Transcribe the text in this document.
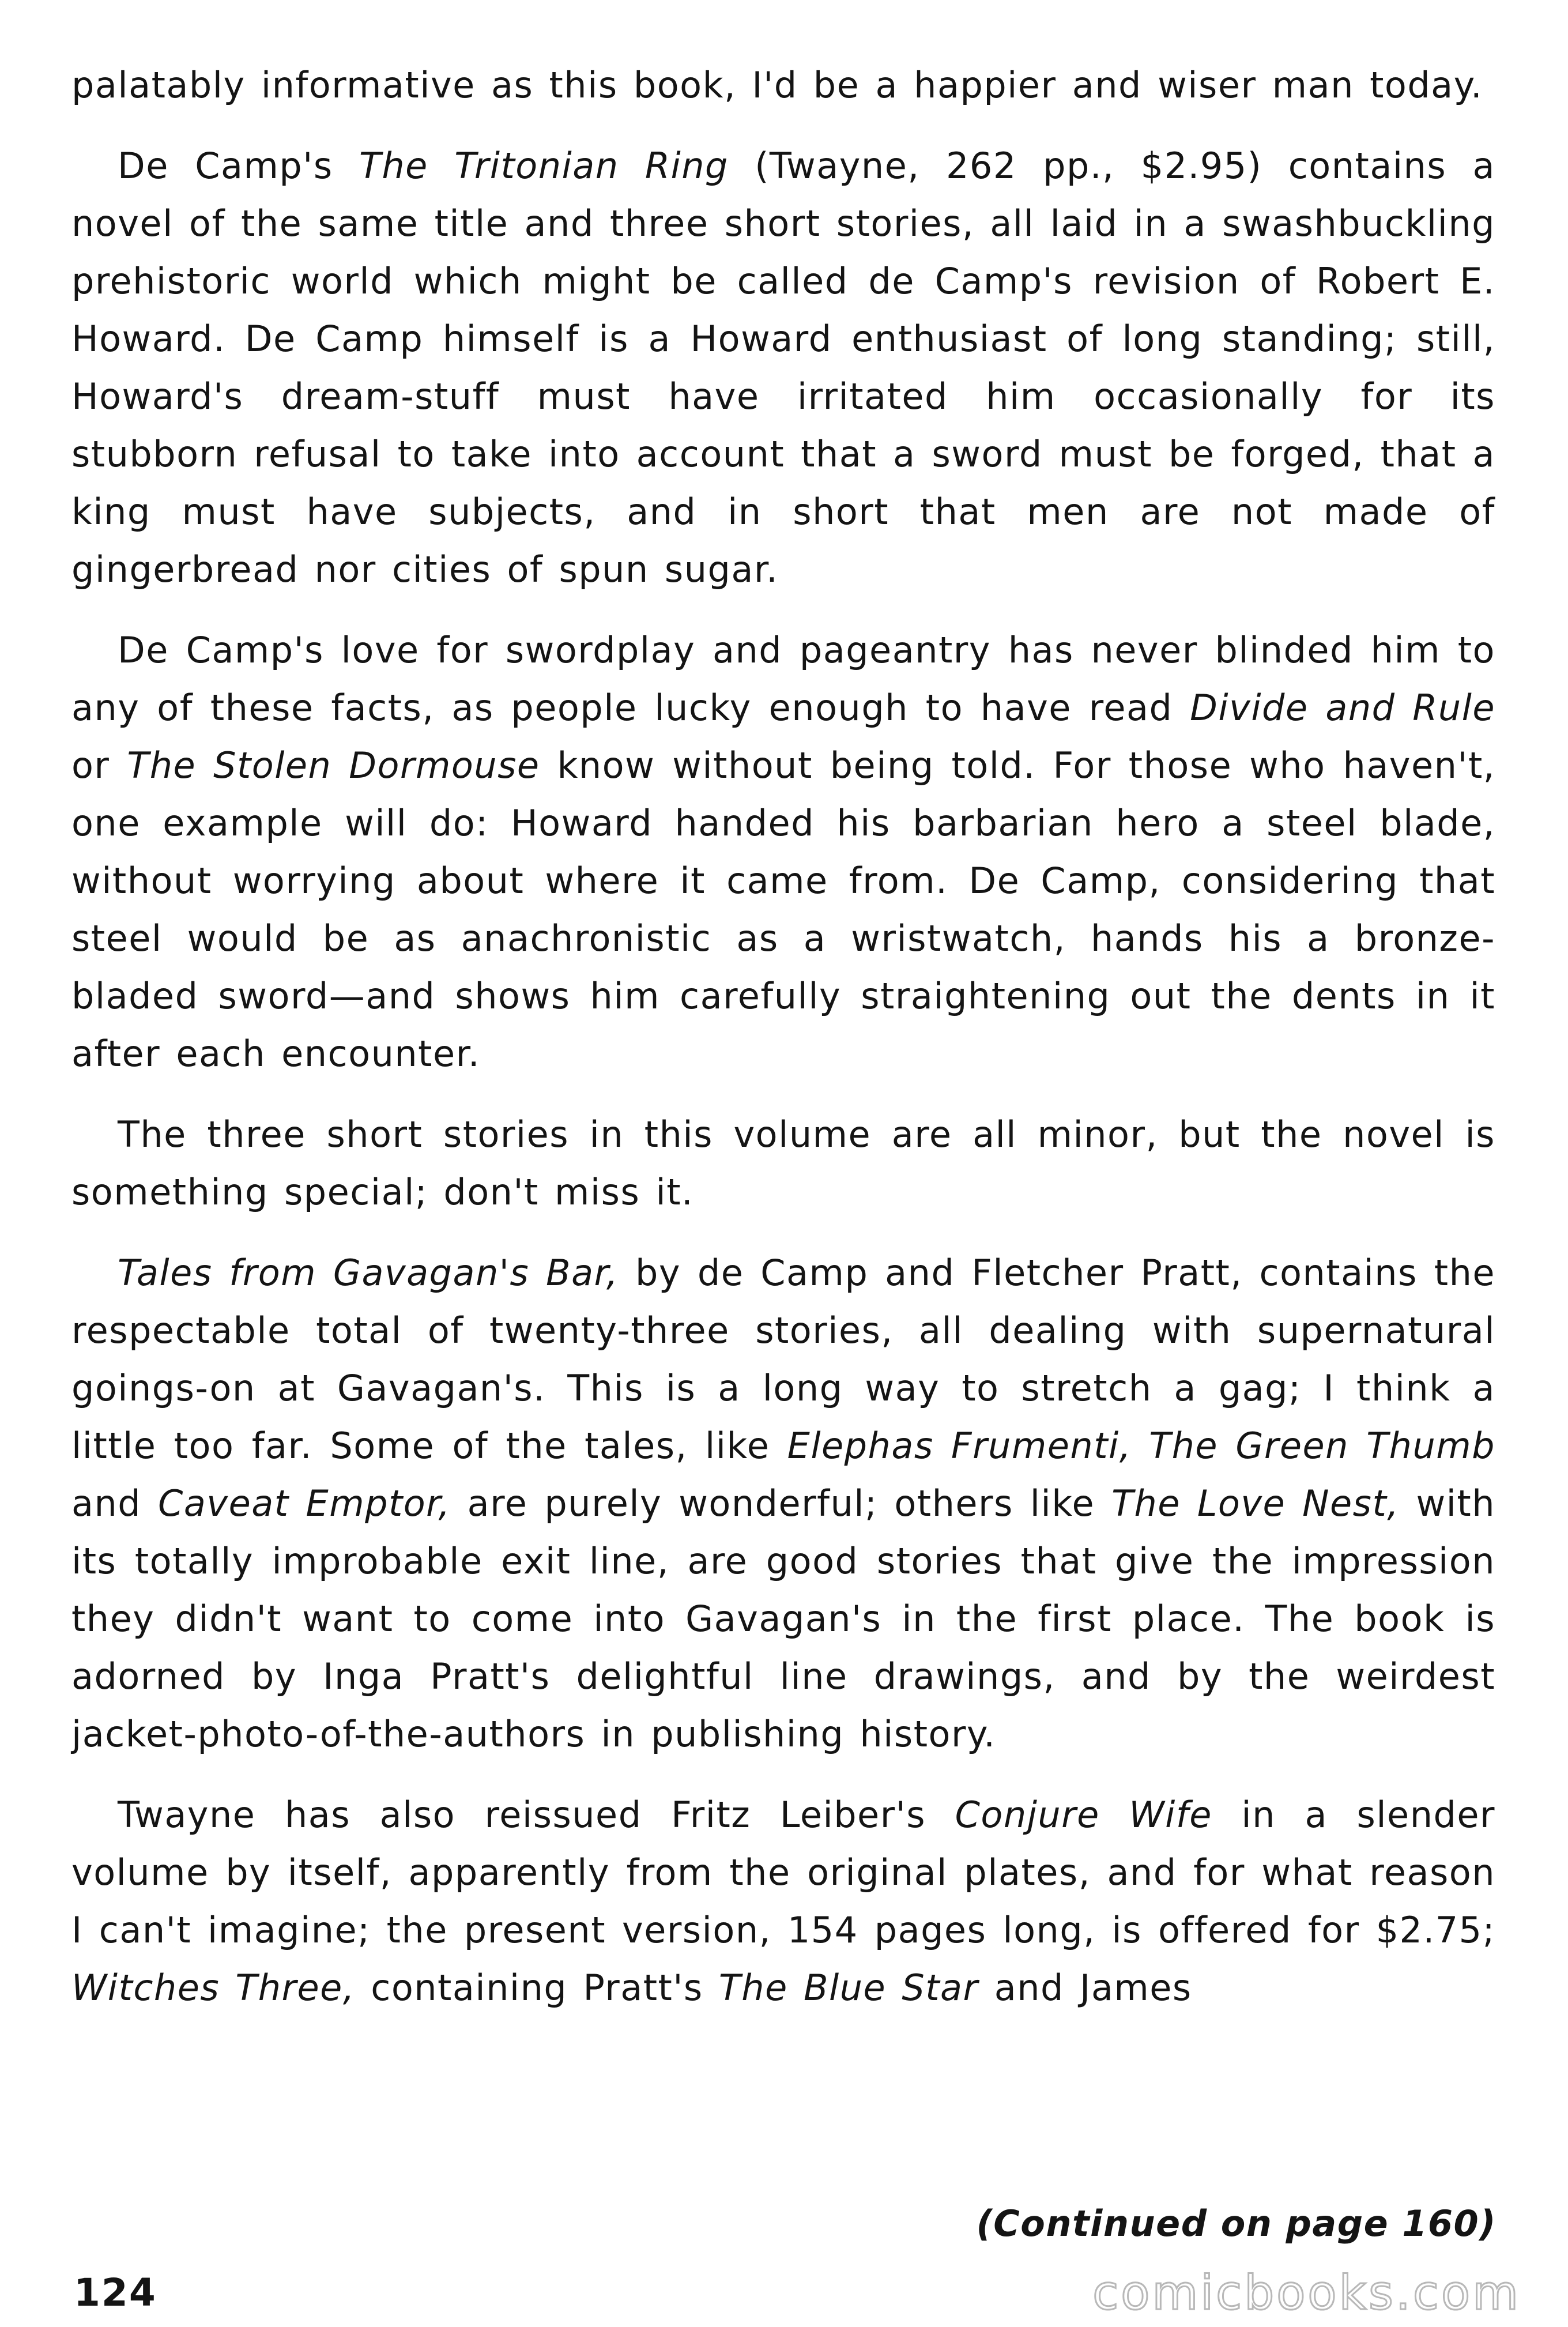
palatably informative as this book, I'd be a happier and wiser man today.

De Camp's The Tritonian Ring (Twayne, 262 pp., $2.95) contains a novel of the same title and three short stories, all laid in a swashbuckling prehistoric world which might be called de Camp's revision of Robert E. Howard. De Camp himself is a Howard enthusiast of long standing; still, Howard's dream-stuff must have irritated him occasionally for its stubborn refusal to take into account that a sword must be forged, that a king must have subjects, and in short that men are not made of gingerbread nor cities of spun sugar.

De Camp's love for swordplay and pageantry has never blinded him to any of these facts, as people lucky enough to have read Divide and Rule or The Stolen Dormouse know without being told. For those who haven't, one example will do: Howard handed his barbarian hero a steel blade, without worrying about where it came from. De Camp, considering that steel would be as anachronistic as a wristwatch, hands his a bronze-bladed sword—and shows him carefully straightening out the dents in it after each encounter.

The three short stories in this volume are all minor, but the novel is something special; don't miss it.

Tales from Gavagan's Bar, by de Camp and Fletcher Pratt, contains the respectable total of twenty-three stories, all dealing with supernatural goings-on at Gavagan's. This is a long way to stretch a gag; I think a little too far. Some of the tales, like Elephas Frumenti, The Green Thumb and Caveat Emptor, are purely wonderful; others like The Love Nest, with its totally improbable exit line, are good stories that give the impression they didn't want to come into Gavagan's in the first place. The book is adorned by Inga Pratt's delightful line drawings, and by the weirdest jacket-photo-of-the-authors in publishing history.

Twayne has also reissued Fritz Leiber's Conjure Wife in a slender volume by itself, apparently from the original plates, and for what reason I can't imagine; the present version, 154 pages long, is offered for $2.75; Witches Three, containing Pratt's The Blue Star and James

(Continued on page 160)
124	comicbooks.com
